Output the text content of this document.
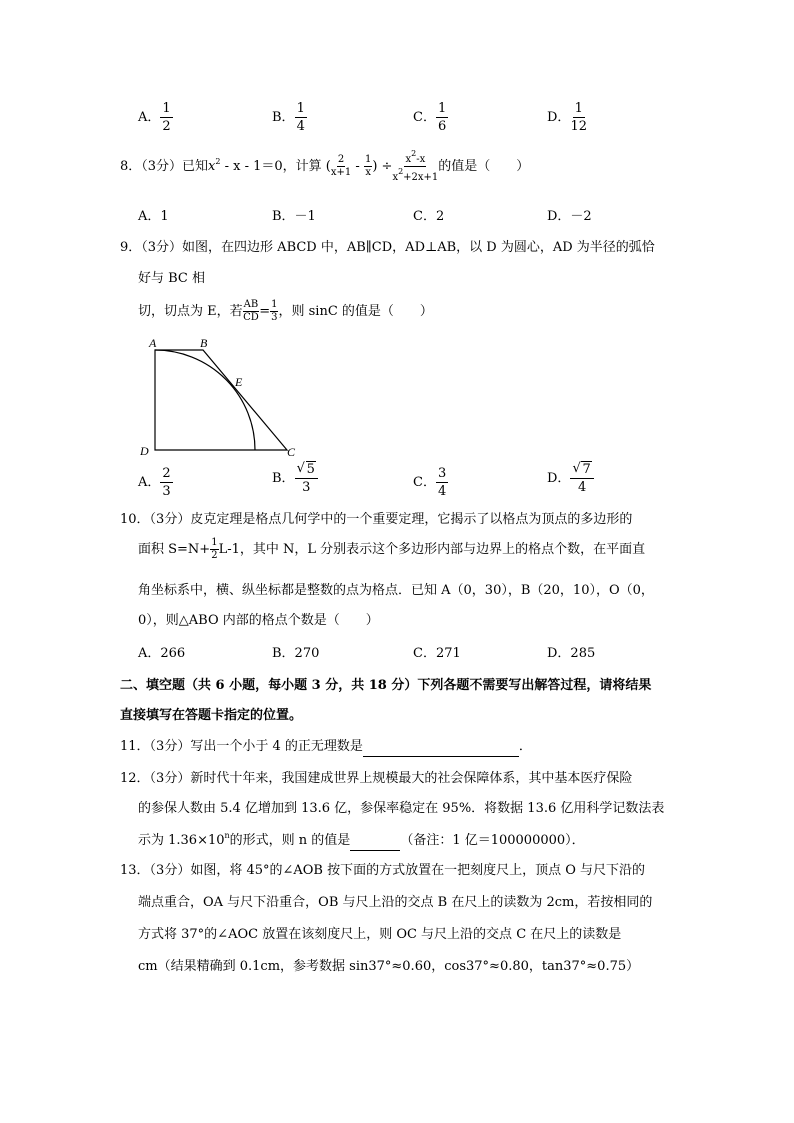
A． $\frac{1}{2}$	B． $\frac{1}{4}$	C． $\frac{1}{6}$	D． $\frac{1}{12}$
8．（3分）已知$x^2 - x - 1=0$，计算 ( $\frac{2}{x+1} - \frac{1}{x}$ ) ÷ $\frac{x^2-x}{x^2+2x+1}$ 的值是（　　）
A．1	B．－1	C．2	D．－2
9．（3分）如图，在四边形 ABCD 中，AB∥CD，AD⊥AB，以 D 为圆心，AD 为半径的弧恰
好与 BC 相
切，切点为 E，若 $\frac{AB}{CD} = \frac{1}{3}$ ，则 sinC 的值是（　　）
A	B
E
D	C
A． $\frac{2}{3}$	B． $\frac{√ 5}{3}$	C． $\frac{3}{4}$	D． $\frac{√ 7}{4}$
10．（3分）皮克定理是格点几何学中的一个重要定理，它揭示了以格点为顶点的多边形的
面积 $S=N+ \frac{1}{2} L-1$，其中 N，L 分别表示这个多边形内部与边界上的格点个数，在平面直
角坐标系中，横、纵坐标都是整数的点为格点．已知 A（0，30），B（20，10），O（0，
0），则△ABO 内部的格点个数是（　　）
A．266	B．270	C．271	D．285
二、填空题（共 6 小题，每小题 3 分，共 18 分）下列各题不需要写出解答过程，请将结果
直接填写在答题卡指定的位置。
11．（3分）写出一个小于 4 的正无理数是	．
12．（3分）新时代十年来，我国建成世界上规模最大的社会保障体系，其中基本医疗保险
的参保人数由 5.4 亿增加到 13.6 亿，参保率稳定在 95%．将数据 13.6 亿用科学记数法表
示为 $1.36\times 10^n$的形式，则 n 的值是	（备注：1 亿＝100000000）．
13．（3分）如图，将 45°的∠AOB 按下面的方式放置在一把刻度尺上，顶点 O 与尺下沿的
端点重合，OA 与尺下沿重合，OB 与尺上沿的交点 B 在尺上的读数为 2cm，若按相同的
方式将 37°的∠AOC 放置在该刻度尺上，则 OC 与尺上沿的交点 C 在尺上的读数是
cm（结果精确到 0.1cm，参考数据 sin37°≈0.60，cos37°≈0.80，tan37°≈0.75）
